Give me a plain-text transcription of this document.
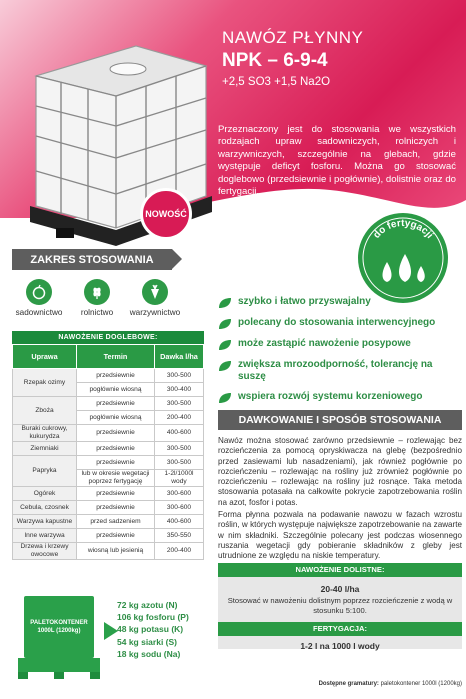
NAWÓZ PŁYNNY
NPK – 6-9-4
+2,5 SO3 +1,5 Na2O
Przeznaczony jest do stosowania we wszystkich rodzajach upraw sadowniczych, rolniczych i warzywniczych, szczególnie na glebach, gdzie występuje deficyt fosforu. Można go stosować doglebowo (przedsiewnie i pogłównie), dolistnie oraz do fertygacji.
NOWOŚĆ
do fertygacji
ZAKRES STOSOWANIA
sadownictwo	rolnictwo	warzywnictwo
szybko i łatwo przyswajalny
polecany do stosowania interwencyjnego
może zastąpić nawożenie posypowe
zwiększa mrozoodporność, tolerancję na suszę
wspiera rozwój systemu korzeniowego
NAWOŻENIE DOGLEBOWE:
Uprawa	Termin	Dawka l/ha
Rzepak ozimy	przedsiewnie	300-500
	pogłównie wiosną	300-400
Zboża	przedsiewnie	300-500
	pogłównie wiosną	200-400
Buraki cukrowy, kukurydza	przedsiewnie	400-600
Ziemniaki	przedsiewnie	300-500
Papryka	przedsiewnie	300-500
	lub w okresie wegetacji poprzez fertygację	1-2l/1000l wody
Ogórek	przedsiewnie	300-600
Cebula, czosnek	przedsiewnie	300-600
Warzywa kapustne	przed sadzeniem	400-600
Inne warzywa	przedsiewnie	350-550
Drzewa i krzewy owocowe	wiosną lub jesienią	200-400
DAWKOWANIE I SPOSÓB STOSOWANIA

Nawóz można stosować zarówno przedsiewnie – rozlewając bez rozcieńczenia za pomocą opryskiwacza na glebę (bezpośrednio przed zasiewami lub nasadzeniami), jak również pogłównie po rozcieńczeniu – rozlewając na rośliny już zrównież pogłównie po rozcieńczeniu – rozlewając na rośliny już rosnące. Taka metoda stosowania potasała na całkowite pokrycie zapotrzebowania roślin na azot, fosfor i potas.

Forma płynna pozwala na podawanie nawozu w fazach wzrostu roślin, w których występuje największe zapotrzebowanie na zawarte w nim składniki. Szczególnie polecany jest podczas wiosennego ruszania wegetacji gdy pobieranie składników z gleby jest utrudnione ze względu na niskie temperatury.

NAWOŻENIE DOLISTNE:
20-40 l/ha
Stosować w nawożeniu dolistnym poprzez rozcieńczenie z wodą w stosunku 5:100.
FERTYGACJA:
1-2 l na 1000 l wody
PALETOKONTENER
1000L (1200kg)
72 kg azotu (N)
106 kg fosforu (P)
48 kg potasu (K)
54 kg siarki (S)
18 kg sodu (Na)
Dostępne gramatury: paletokontener 1000l (1200kg)
